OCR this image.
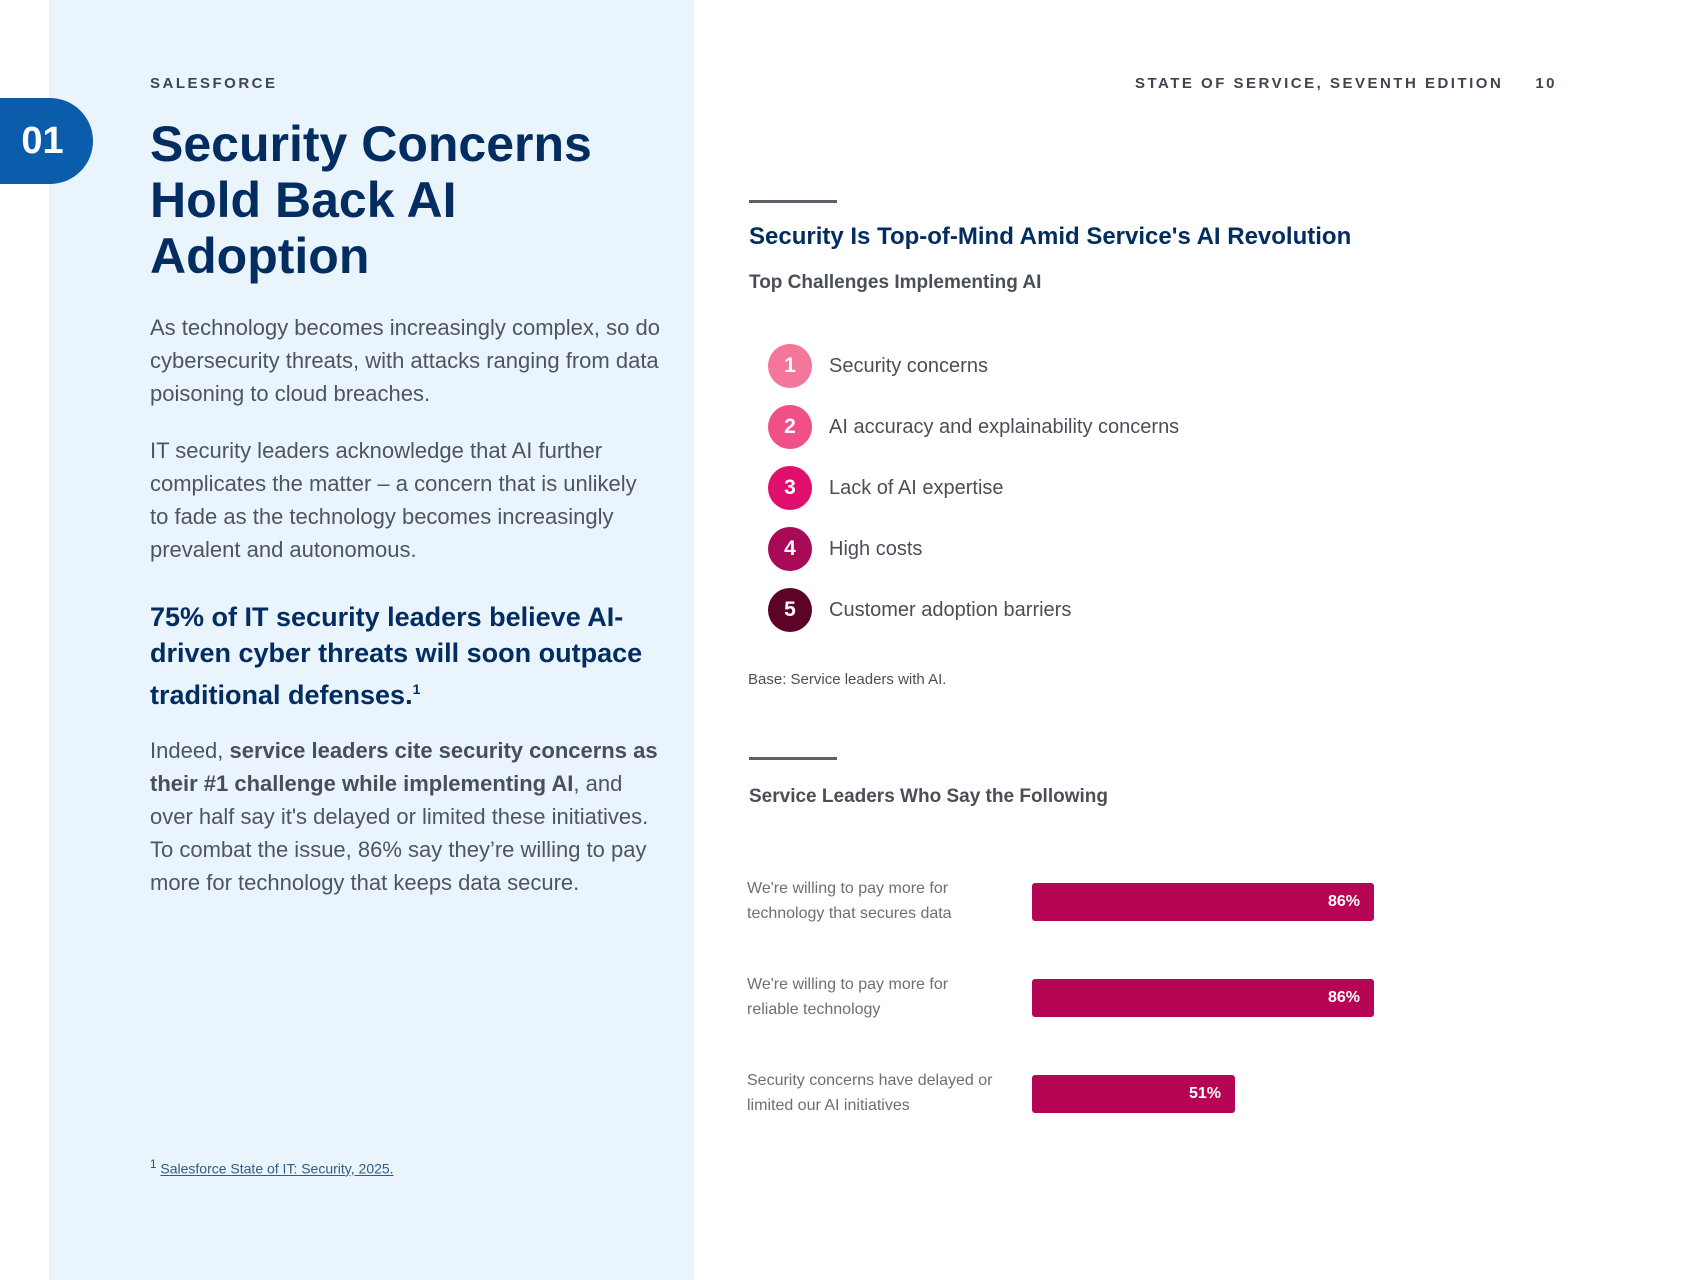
01
SALESFORCE
Security Concerns Hold Back AI Adoption

As technology becomes increasingly complex, so do cybersecurity threats, with attacks ranging from data poisoning to cloud breaches.

IT security leaders acknowledge that AI further complicates the matter – a concern that is unlikely to fade as the technology becomes increasingly prevalent and autonomous.

75% of IT security leaders believe AI-driven cyber threats will soon outpace traditional defenses.$^1$

Indeed, service leaders cite security concerns as their #1 challenge while implementing AI, and over half say it's delayed or limited these initiatives. To combat the issue, 86% say they’re willing to pay more for technology that keeps data secure.

$^1$ Salesforce State of IT: Security, 2025.
STATE OF SERVICE, SEVENTH EDITION 10
Security Is Top-of-Mind Amid Service's AI Revolution
Top Challenges Implementing AI
1	Security concerns
2	AI accuracy and explainability concerns
3	Lack of AI expertise
4	High costs
5	Customer adoption barriers
Base: Service leaders with AI.
Service Leaders Who Say the Following
We're willing to pay more for technology that secures data
86%
We're willing to pay more for reliable technology
86%
Security concerns have delayed or limited our AI initiatives
51%
